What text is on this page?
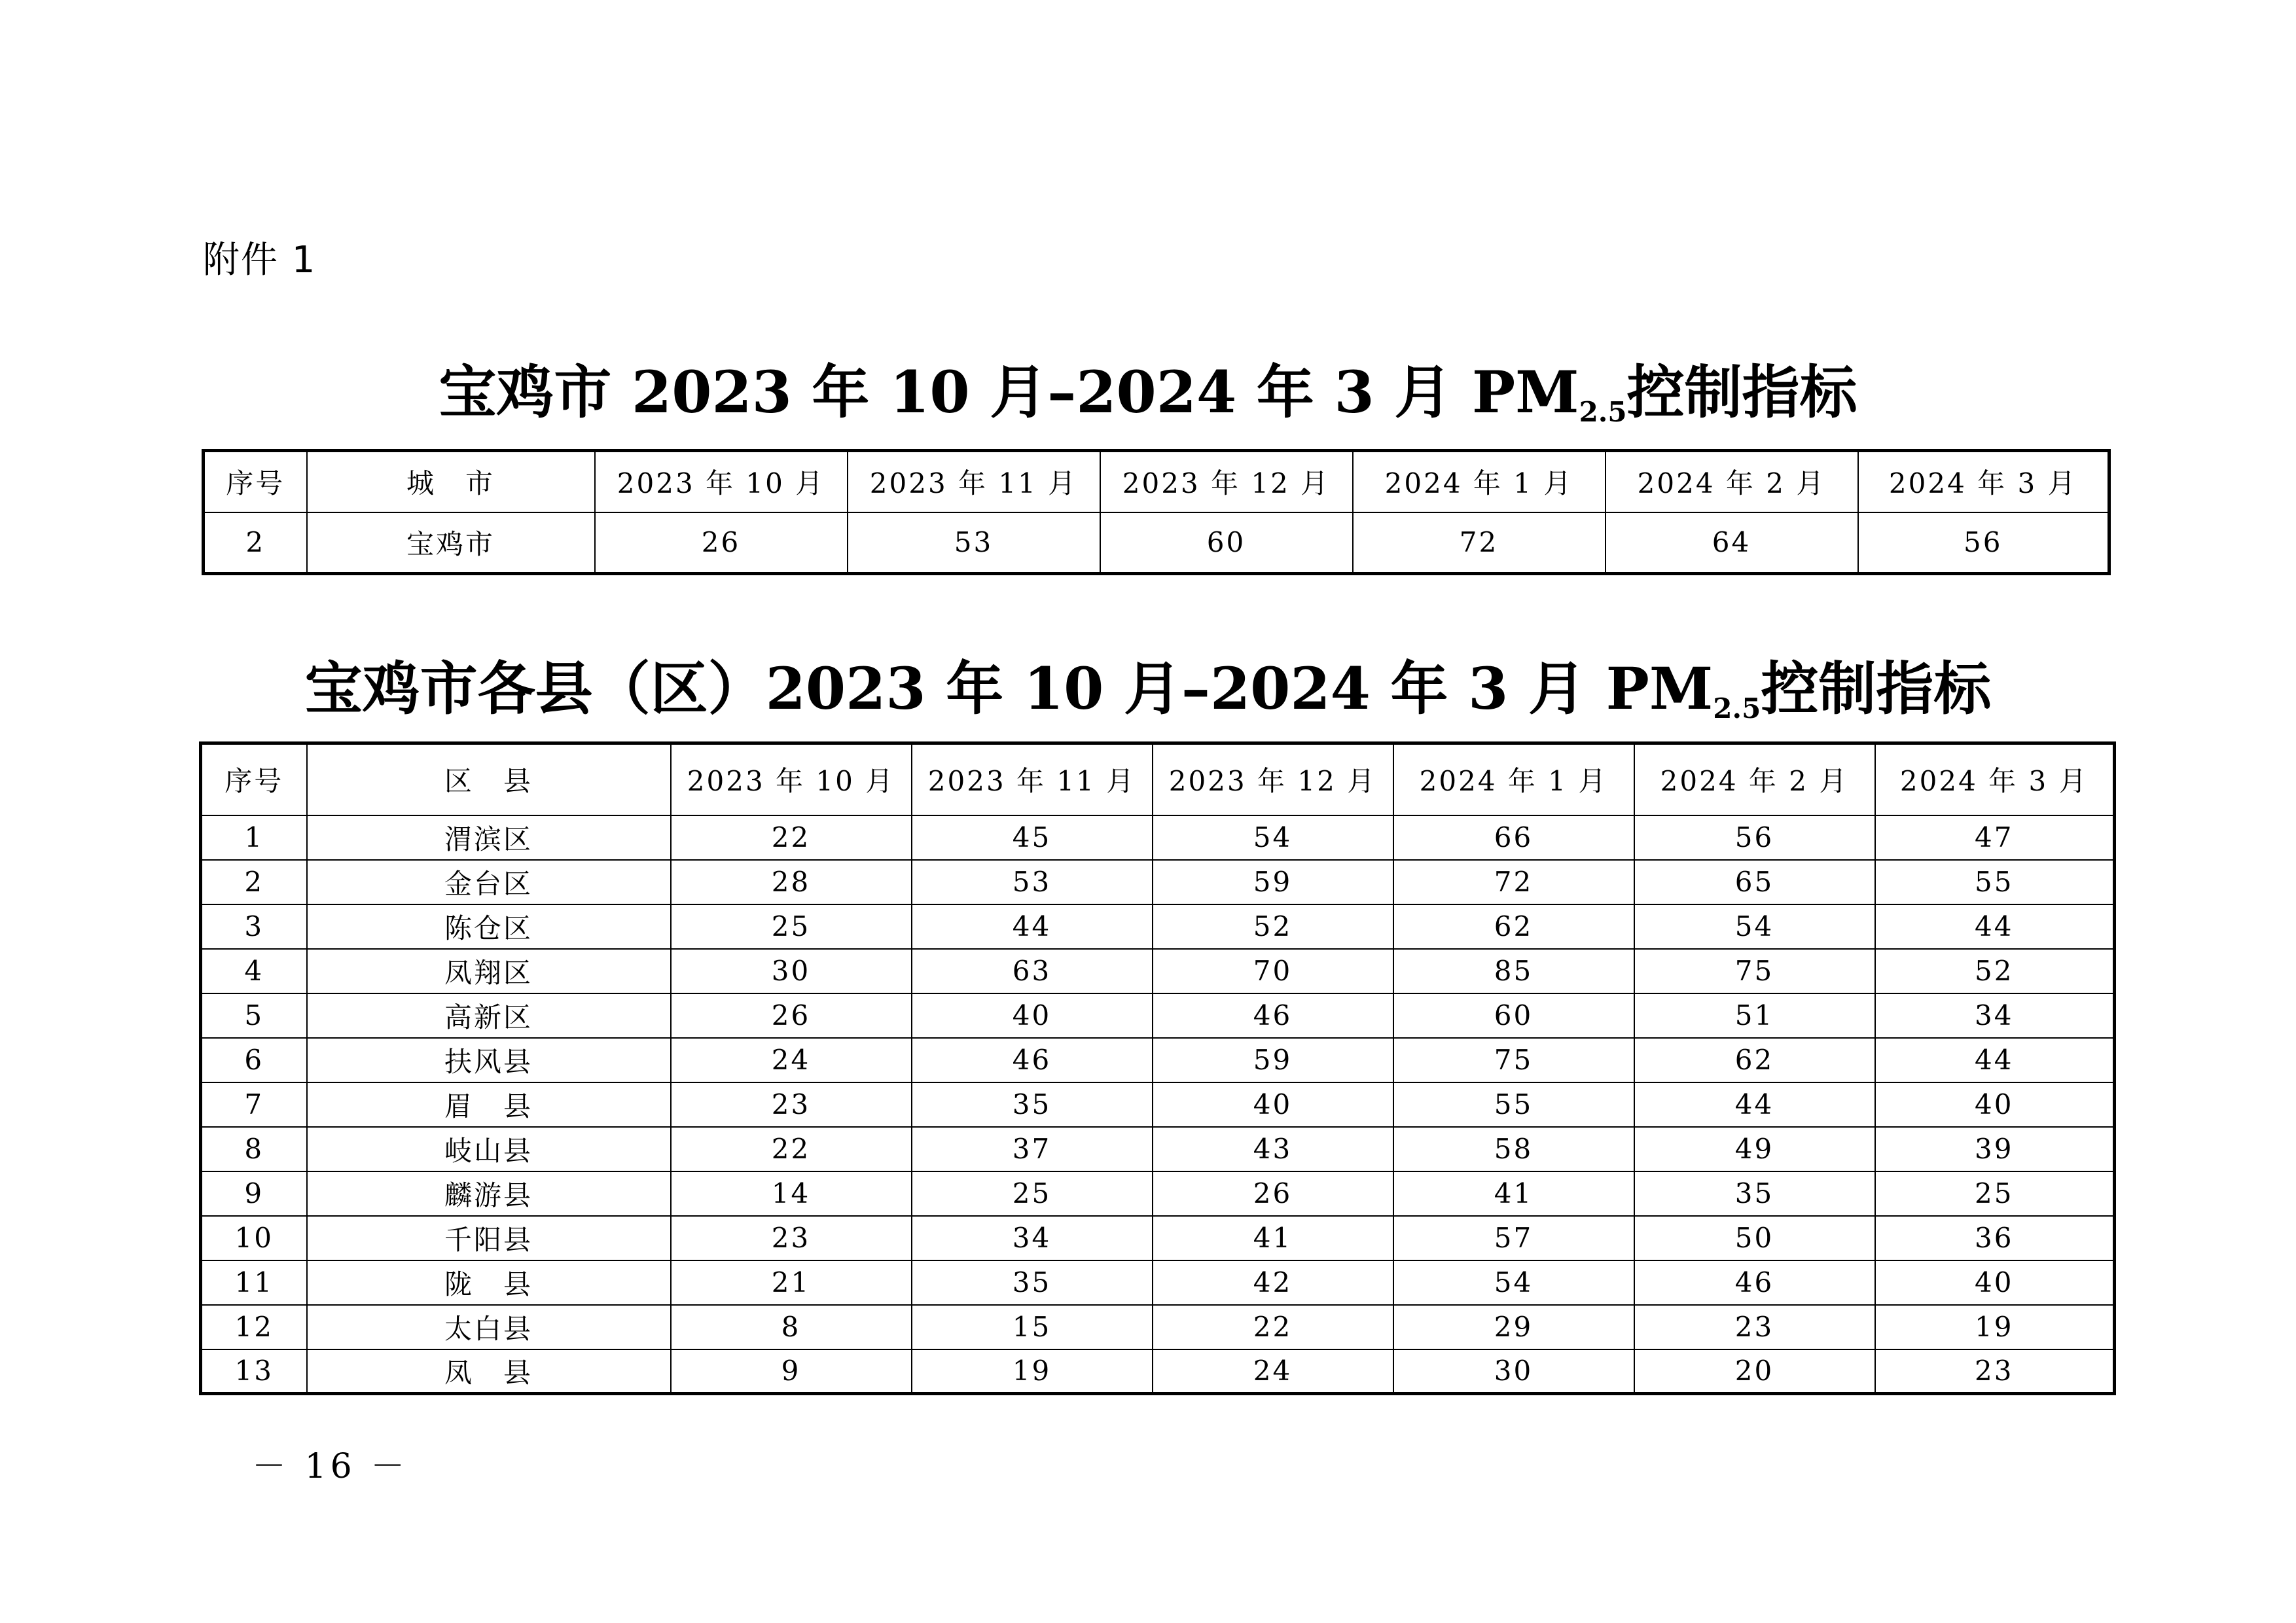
附件 1
宝鸡市 2023 年 10 月–2024 年 3 月 $PM_{2.5}$控制指标
序号	城　市	2023 年 10 月	2023 年 11 月	2023 年 12 月	2024 年 1 月	2024 年 2 月	2024 年 3 月
2	宝鸡市	26	53	60	72	64	56
宝鸡市各县（区）2023 年 10 月–2024 年 3 月 $PM_{2.5}$控制指标
序号	区　县	2023 年 10 月	2023 年 11 月	2023 年 12 月	2024 年 1 月	2024 年 2 月	2024 年 3 月
1	渭滨区	22	45	54	66	56	47
2	金台区	28	53	59	72	65	55
3	陈仓区	25	44	52	62	54	44
4	凤翔区	30	63	70	85	75	52
5	高新区	26	40	46	60	51	34
6	扶风县	24	46	59	75	62	44
7	眉　县	23	35	40	55	44	40
8	岐山县	22	37	43	58	49	39
9	麟游县	14	25	26	41	35	25
10	千阳县	23	34	41	57	50	36
11	陇　县	21	35	42	54	46	40
12	太白县	8	15	22	29	23	19
13	凤　县	9	19	24	30	20	23
－ 16 －
